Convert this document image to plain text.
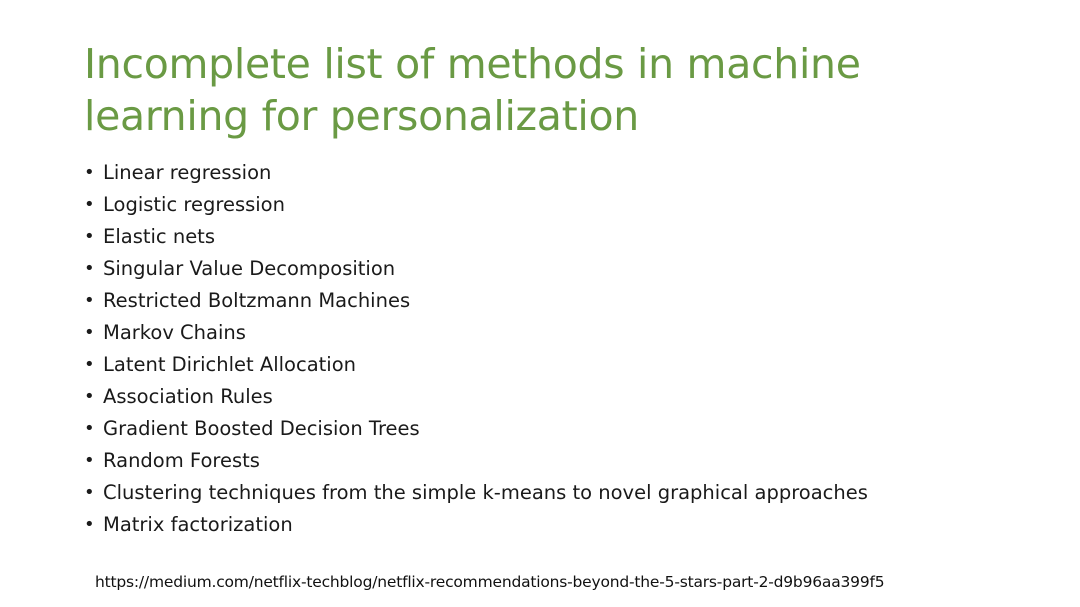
Incomplete list of methods in machine
learning for personalization
• Linear regression
• Logistic regression
• Elastic nets
• Singular Value Decomposition
• Restricted Boltzmann Machines
• Markov Chains
• Latent Dirichlet Allocation
• Association Rules
• Gradient Boosted Decision Trees
• Random Forests
• Clustering techniques from the simple k-means to novel graphical approaches
• Matrix factorization
https://medium.com/netflix-techblog/netflix-recommendations-beyond-the-5-stars-part-2-d9b96aa399f5
